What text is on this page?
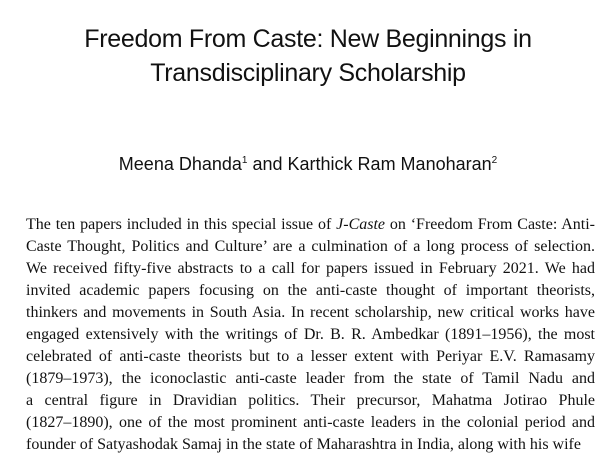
Freedom From Caste: New Beginnings in
Transdisciplinary Scholarship
Meena Dhanda$^1$ and Karthick Ram Manoharan$^2$
The ten papers included in this special issue of J-Caste on ‘Freedom From Caste: Anti-
Caste Thought, Politics and Culture’ are a culmination of a long process of selection.
We received fifty-five abstracts to a call for papers issued in February 2021. We had
invited academic papers focusing on the anti-caste thought of important theorists,
thinkers and movements in South Asia. In recent scholarship, new critical works have
engaged extensively with the writings of Dr. B. R. Ambedkar (1891–1956), the most
celebrated of anti-caste theorists but to a lesser extent with Periyar E.V. Ramasamy
(1879–1973), the iconoclastic anti-caste leader from the state of Tamil Nadu and
a central figure in Dravidian politics. Their precursor, Mahatma Jotirao Phule
(1827–1890), one of the most prominent anti-caste leaders in the colonial period and
founder of Satyashodak Samaj in the state of Maharashtra in India, along with his wife
